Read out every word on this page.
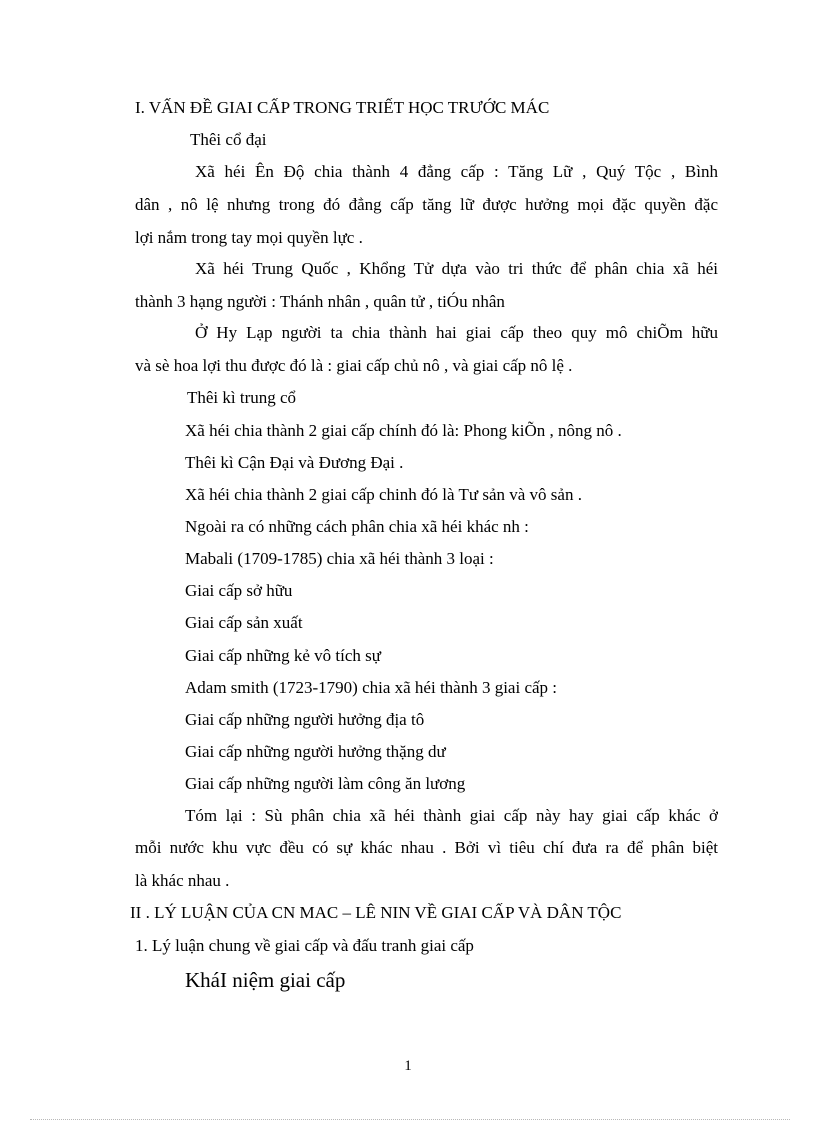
I. VẤN ĐỀ GIAI CẤP TRONG TRIẾT HỌC TRƯỚC MÁC
Thêi cổ đại
Xã héi Ên Độ chia thành 4 đẳng cấp : Tăng Lữ , Quý Tộc , Bình
dân , nô lệ nhưng trong đó đẳng cấp tăng lữ được hưởng mọi đặc quyền đặc
lợi nắm trong tay mọi quyền lực .
Xã héi Trung Quốc , Khổng Tử dựa vào tri thức để phân chia xã héi
thành 3 hạng người : Thánh nhân , quân tử , tiÓu nhân
Ở Hy Lạp người ta chia thành hai giai cấp theo quy mô chiÕm hữu
và sè hoa lợi thu được đó là : giai cấp chủ nô , và giai cấp nô lệ .
Thêi kì trung cổ
Xã héi chia thành 2 giai cấp chính đó là: Phong kiÕn , nông nô .
Thêi kì Cận Đại và Đương Đại .
Xã héi chia thành 2 giai cấp chinh đó là Tư sản và vô sản .
Ngoài ra có những cách phân chia xã héi khác nh :
Mabali (1709-1785) chia xã héi thành 3 loại :
Giai cấp sở hữu
Giai cấp sản xuất
Giai cấp những kẻ vô tích sự
Adam smith (1723-1790) chia xã héi thành 3 giai cấp :
Giai cấp những người hưởng địa tô
Giai cấp những người hưởng thặng dư
Giai cấp những người làm công ăn lương
Tóm lại : Sù phân chia xã héi thành giai cấp này hay giai cấp khác ở
mỗi nước khu vực đều có sự khác nhau . Bởi vì tiêu chí đưa ra để phân biệt
là khác nhau .
II . LÝ LUẬN CỦA CN MAC – LÊ NIN VỀ GIAI CẤP VÀ DÂN TỘC
1. Lý luận chung về giai cấp và đấu tranh giai cấp
KháI niệm giai cấp
1
